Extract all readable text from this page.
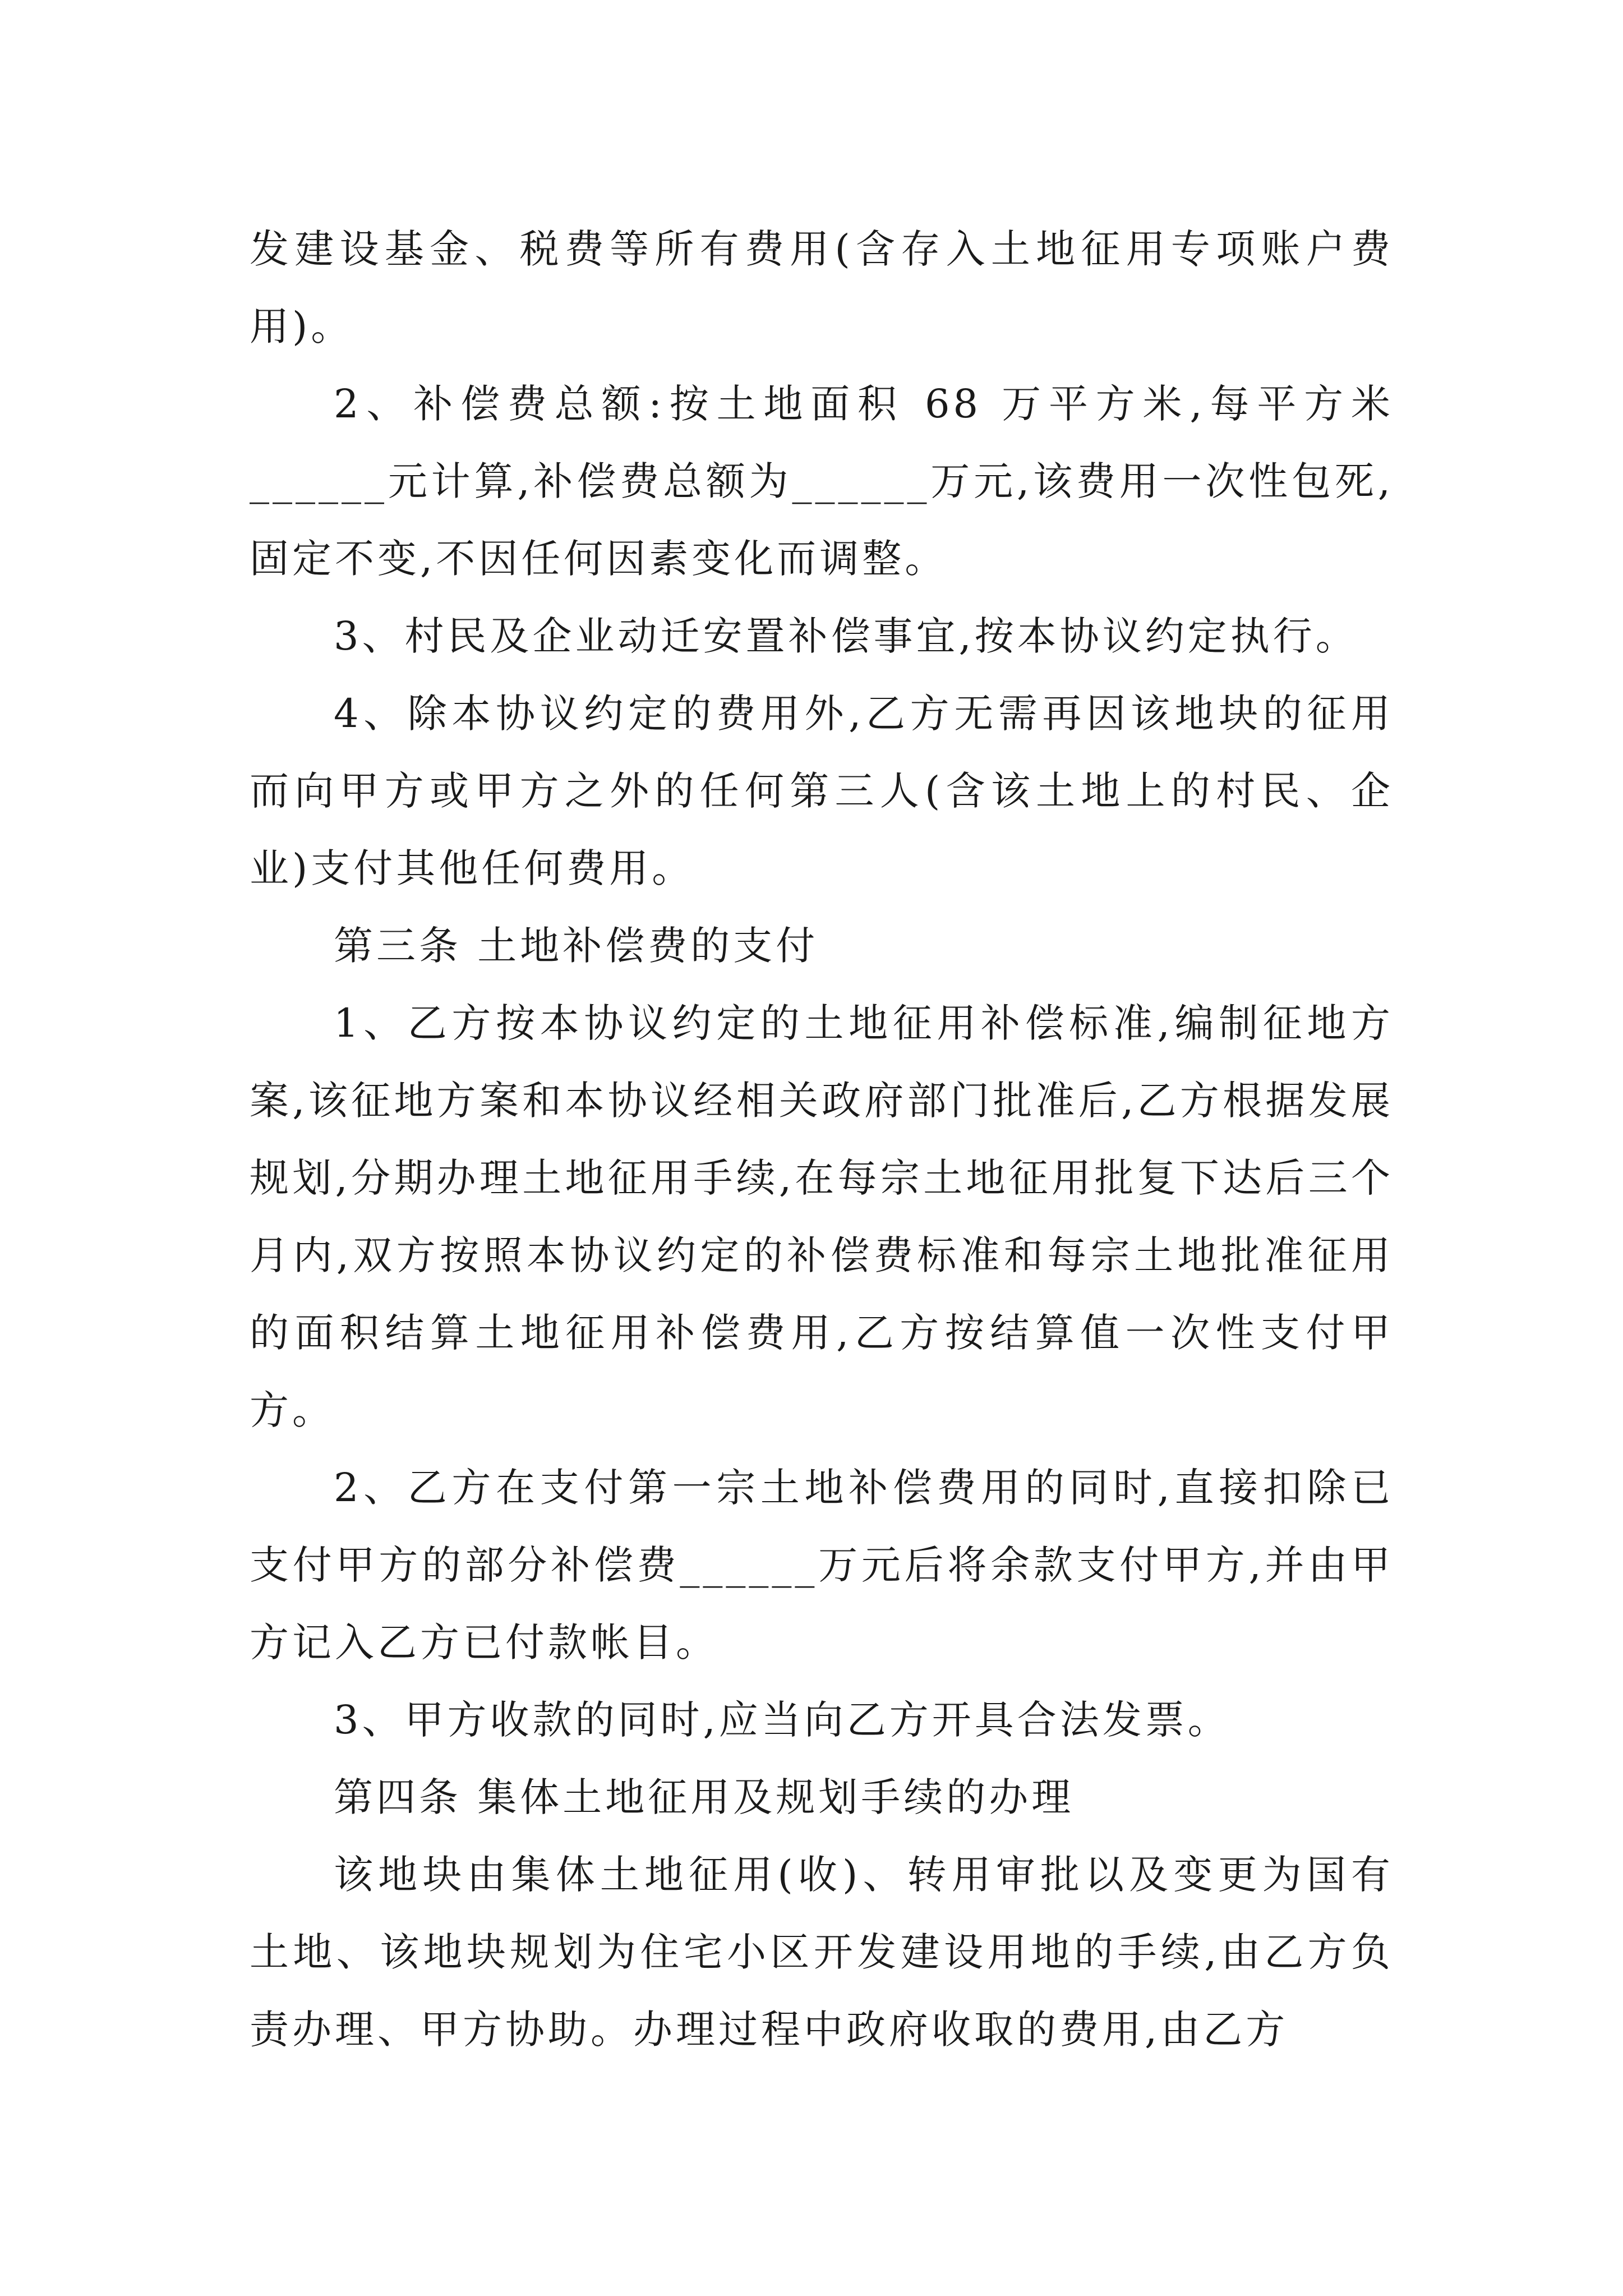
发建设基金、税费等所有费用(含存入土地征用专项账户费用)。

2、补偿费总额:按土地面积 68 万平方米,每平方米______元计算,补偿费总额为______万元,该费用一次性包死,固定不变,不因任何因素变化而调整。

3、村民及企业动迁安置补偿事宜,按本协议约定执行。

4、除本协议约定的费用外,乙方无需再因该地块的征用而向甲方或甲方之外的任何第三人(含该土地上的村民、企业)支付其他任何费用。

第三条 土地补偿费的支付

1、乙方按本协议约定的土地征用补偿标准,编制征地方案,该征地方案和本协议经相关政府部门批准后,乙方根据发展规划,分期办理土地征用手续,在每宗土地征用批复下达后三个月内,双方按照本协议约定的补偿费标准和每宗土地批准征用的面积结算土地征用补偿费用,乙方按结算值一次性支付甲方。

2、乙方在支付第一宗土地补偿费用的同时,直接扣除已支付甲方的部分补偿费______万元后将余款支付甲方,并由甲方记入乙方已付款帐目。

3、甲方收款的同时,应当向乙方开具合法发票。

第四条 集体土地征用及规划手续的办理

该地块由集体土地征用(收)、转用审批以及变更为国有土地、该地块规划为住宅小区开发建设用地的手续,由乙方负责办理、甲方协助。办理过程中政府收取的费用,由乙方
